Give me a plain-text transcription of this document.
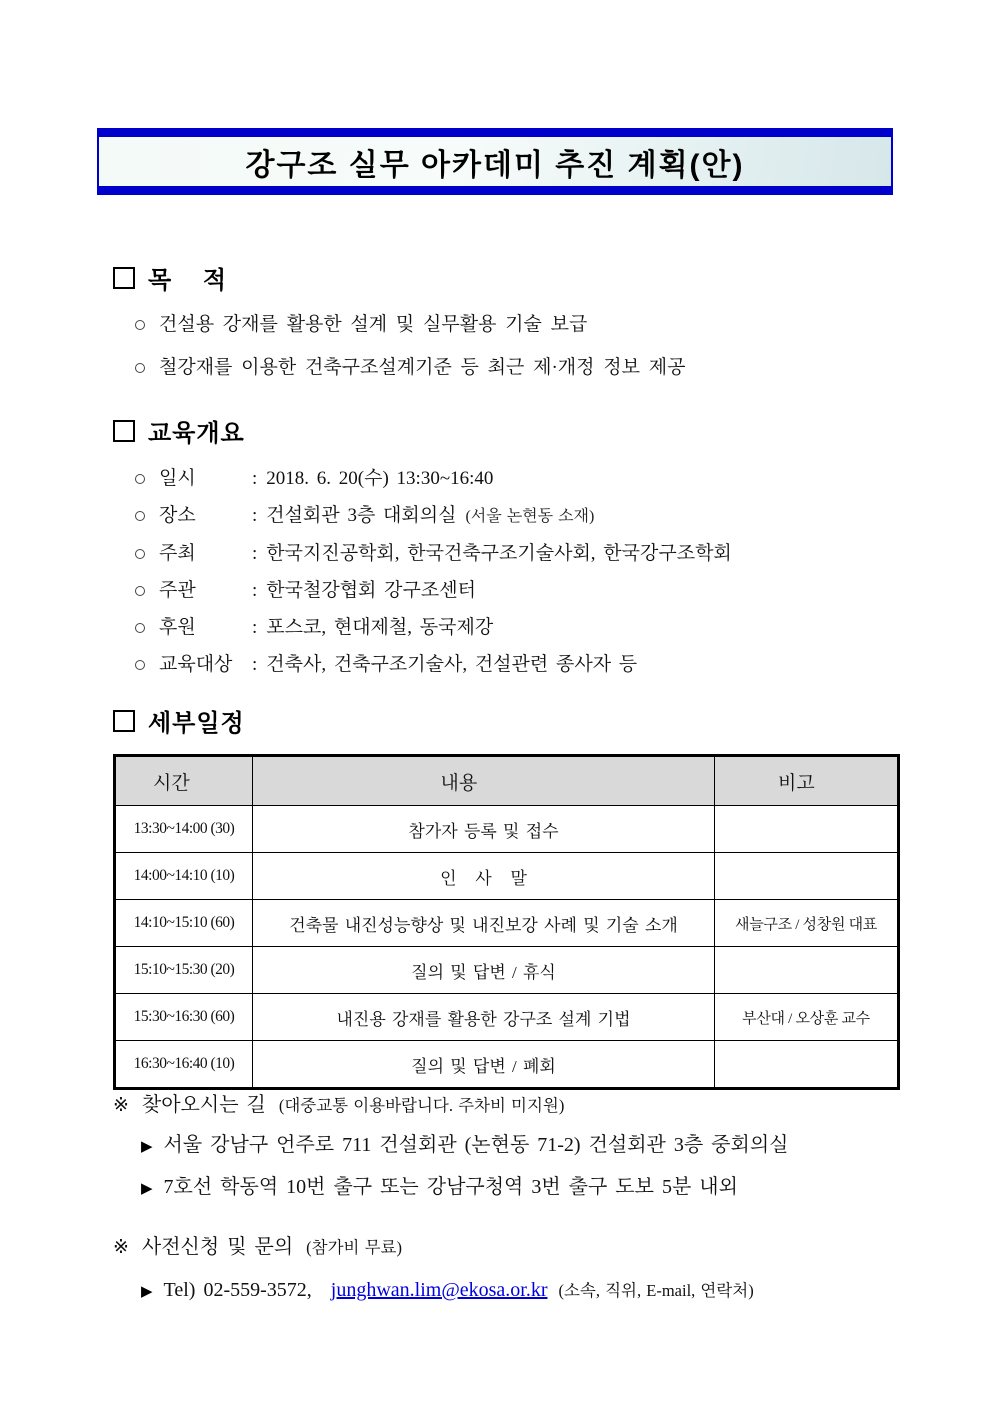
강구조 실무 아카데미 추진 계획(안)
목    적
건설용 강재를 활용한 설계 및 실무활용 기술 보급
철강재를 이용한 건축구조설계기준 등 최근 제·개정 정보 제공
교육개요
일시	: 2018. 6. 20(수) 13:30~16:40
장소	: 건설회관 3층 대회의실 (서울 논현동 소재)
주최	: 한국지진공학회, 한국건축구조기술사회, 한국강구조학회
주관	: 한국철강협회 강구조센터
후원	: 포스코, 현대제철, 동국제강
교육대상	: 건축사, 건축구조기술사, 건설관련 종사자 등
세부일정
시간	내용	비고
13:30~14:00 (30)	참가자 등록 및 접수	
14:00~14:10 (10)	인   사   말	
14:10~15:10 (60)	건축물 내진성능향상 및 내진보강 사례 및 기술 소개	새늘구조 / 성창원 대표
15:10~15:30 (20)	질의 및 답변 / 휴식	
15:30~16:30 (60)	내진용 강재를 활용한 강구조 설계 기법	부산대 / 오상훈 교수
16:30~16:40 (10)	질의 및 답변 / 폐회	
※ 찾아오시는 길 (대중교통 이용바랍니다. 주차비 미지원)
▶ 서울 강남구 언주로 711 건설회관 (논현동 71-2) 건설회관 3층 중회의실
▶ 7호선 학동역 10번 출구 또는 강남구청역 3번 출구 도보 5분 내외
※ 사전신청 및 문의 (참가비 무료)
▶ Tel) 02-559-3572, junghwan.lim@ekosa.or.kr (소속, 직위, E-mail, 연락처)
